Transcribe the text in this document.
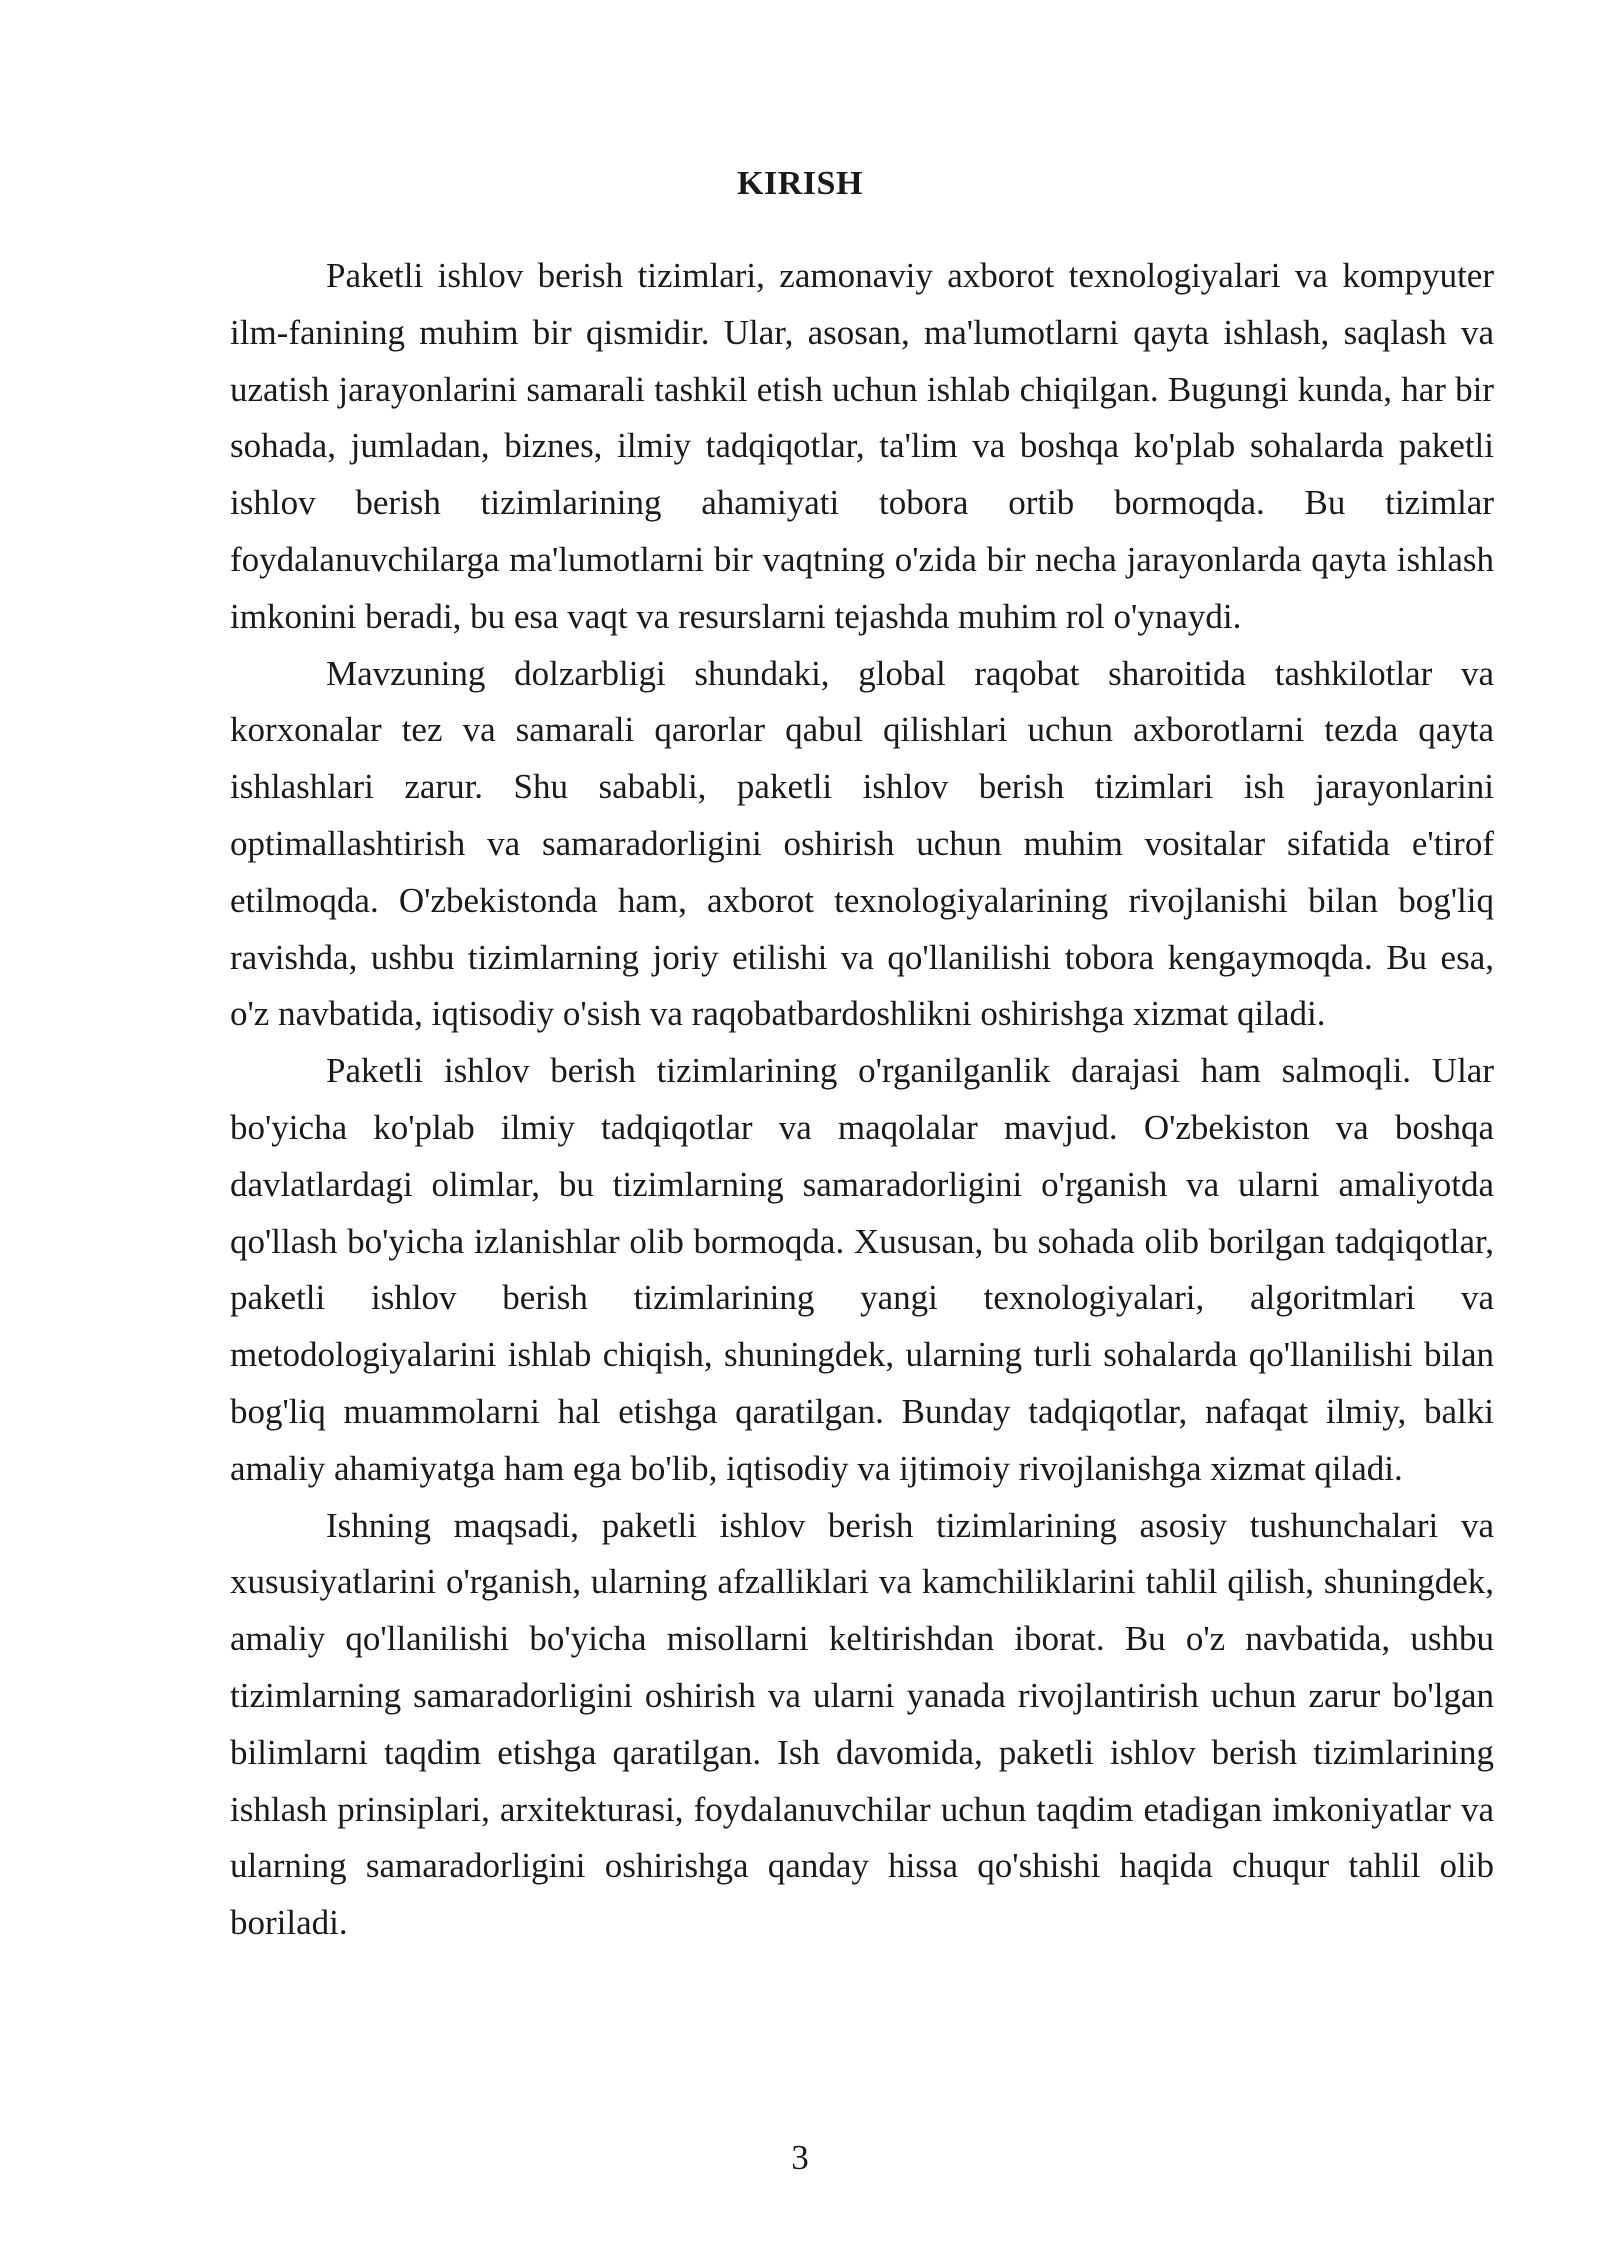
KIRISH

Paketli ishlov berish tizimlari, zamonaviy axborot texnologiyalari va kompyuter ilm-fanining muhim bir qismidir. Ular, asosan, ma'lumotlarni qayta ishlash, saqlash va uzatish jarayonlarini samarali tashkil etish uchun ishlab chiqilgan. Bugungi kunda, har bir sohada, jumladan, biznes, ilmiy tadqiqotlar, ta'lim va boshqa ko'plab sohalarda paketli ishlov berish tizimlarining ahamiyati tobora ortib bormoqda. Bu tizimlar foydalanuvchilarga ma'lumotlarni bir vaqtning o'zida bir necha jarayonlarda qayta ishlash imkonini beradi, bu esa vaqt va resurslarni tejashda muhim rol o'ynaydi.

Mavzuning dolzarbligi shundaki, global raqobat sharoitida tashkilotlar va korxonalar tez va samarali qarorlar qabul qilishlari uchun axborotlarni tezda qayta ishlashlari zarur. Shu sababli, paketli ishlov berish tizimlari ish jarayonlarini optimallashtirish va samaradorligini oshirish uchun muhim vositalar sifatida e'tirof etilmoqda. O'zbekistonda ham, axborot texnologiyalarining rivojlanishi bilan bog'liq ravishda, ushbu tizimlarning joriy etilishi va qo'llanilishi tobora kengaymoqda. Bu esa, o'z navbatida, iqtisodiy o'sish va raqobatbardoshlikni oshirishga xizmat qiladi.

Paketli ishlov berish tizimlarining o'rganilganlik darajasi ham salmoqli. Ular bo'yicha ko'plab ilmiy tadqiqotlar va maqolalar mavjud. O'zbekiston va boshqa davlatlardagi olimlar, bu tizimlarning samaradorligini o'rganish va ularni amaliyotda qo'llash bo'yicha izlanishlar olib bormoqda. Xususan, bu sohada olib borilgan tadqiqotlar, paketli ishlov berish tizimlarining yangi texnologiyalari, algoritmlari va metodologiyalarini ishlab chiqish, shuningdek, ularning turli sohalarda qo'llanilishi bilan bog'liq muammolarni hal etishga qaratilgan. Bunday tadqiqotlar, nafaqat ilmiy, balki amaliy ahamiyatga ham ega bo'lib, iqtisodiy va ijtimoiy rivojlanishga xizmat qiladi.

Ishning maqsadi, paketli ishlov berish tizimlarining asosiy tushunchalari va xususiyatlarini o'rganish, ularning afzalliklari va kamchiliklarini tahlil qilish, shuningdek, amaliy qo'llanilishi bo'yicha misollarni keltirishdan iborat. Bu o'z navbatida, ushbu tizimlarning samaradorligini oshirish va ularni yanada rivojlantirish uchun zarur bo'lgan bilimlarni taqdim etishga qaratilgan. Ish davomida, paketli ishlov berish tizimlarining ishlash prinsiplari, arxitekturasi, foydalanuvchilar uchun taqdim etadigan imkoniyatlar va ularning samaradorligini oshirishga qanday hissa qo'shishi haqida chuqur tahlil olib boriladi.

3
